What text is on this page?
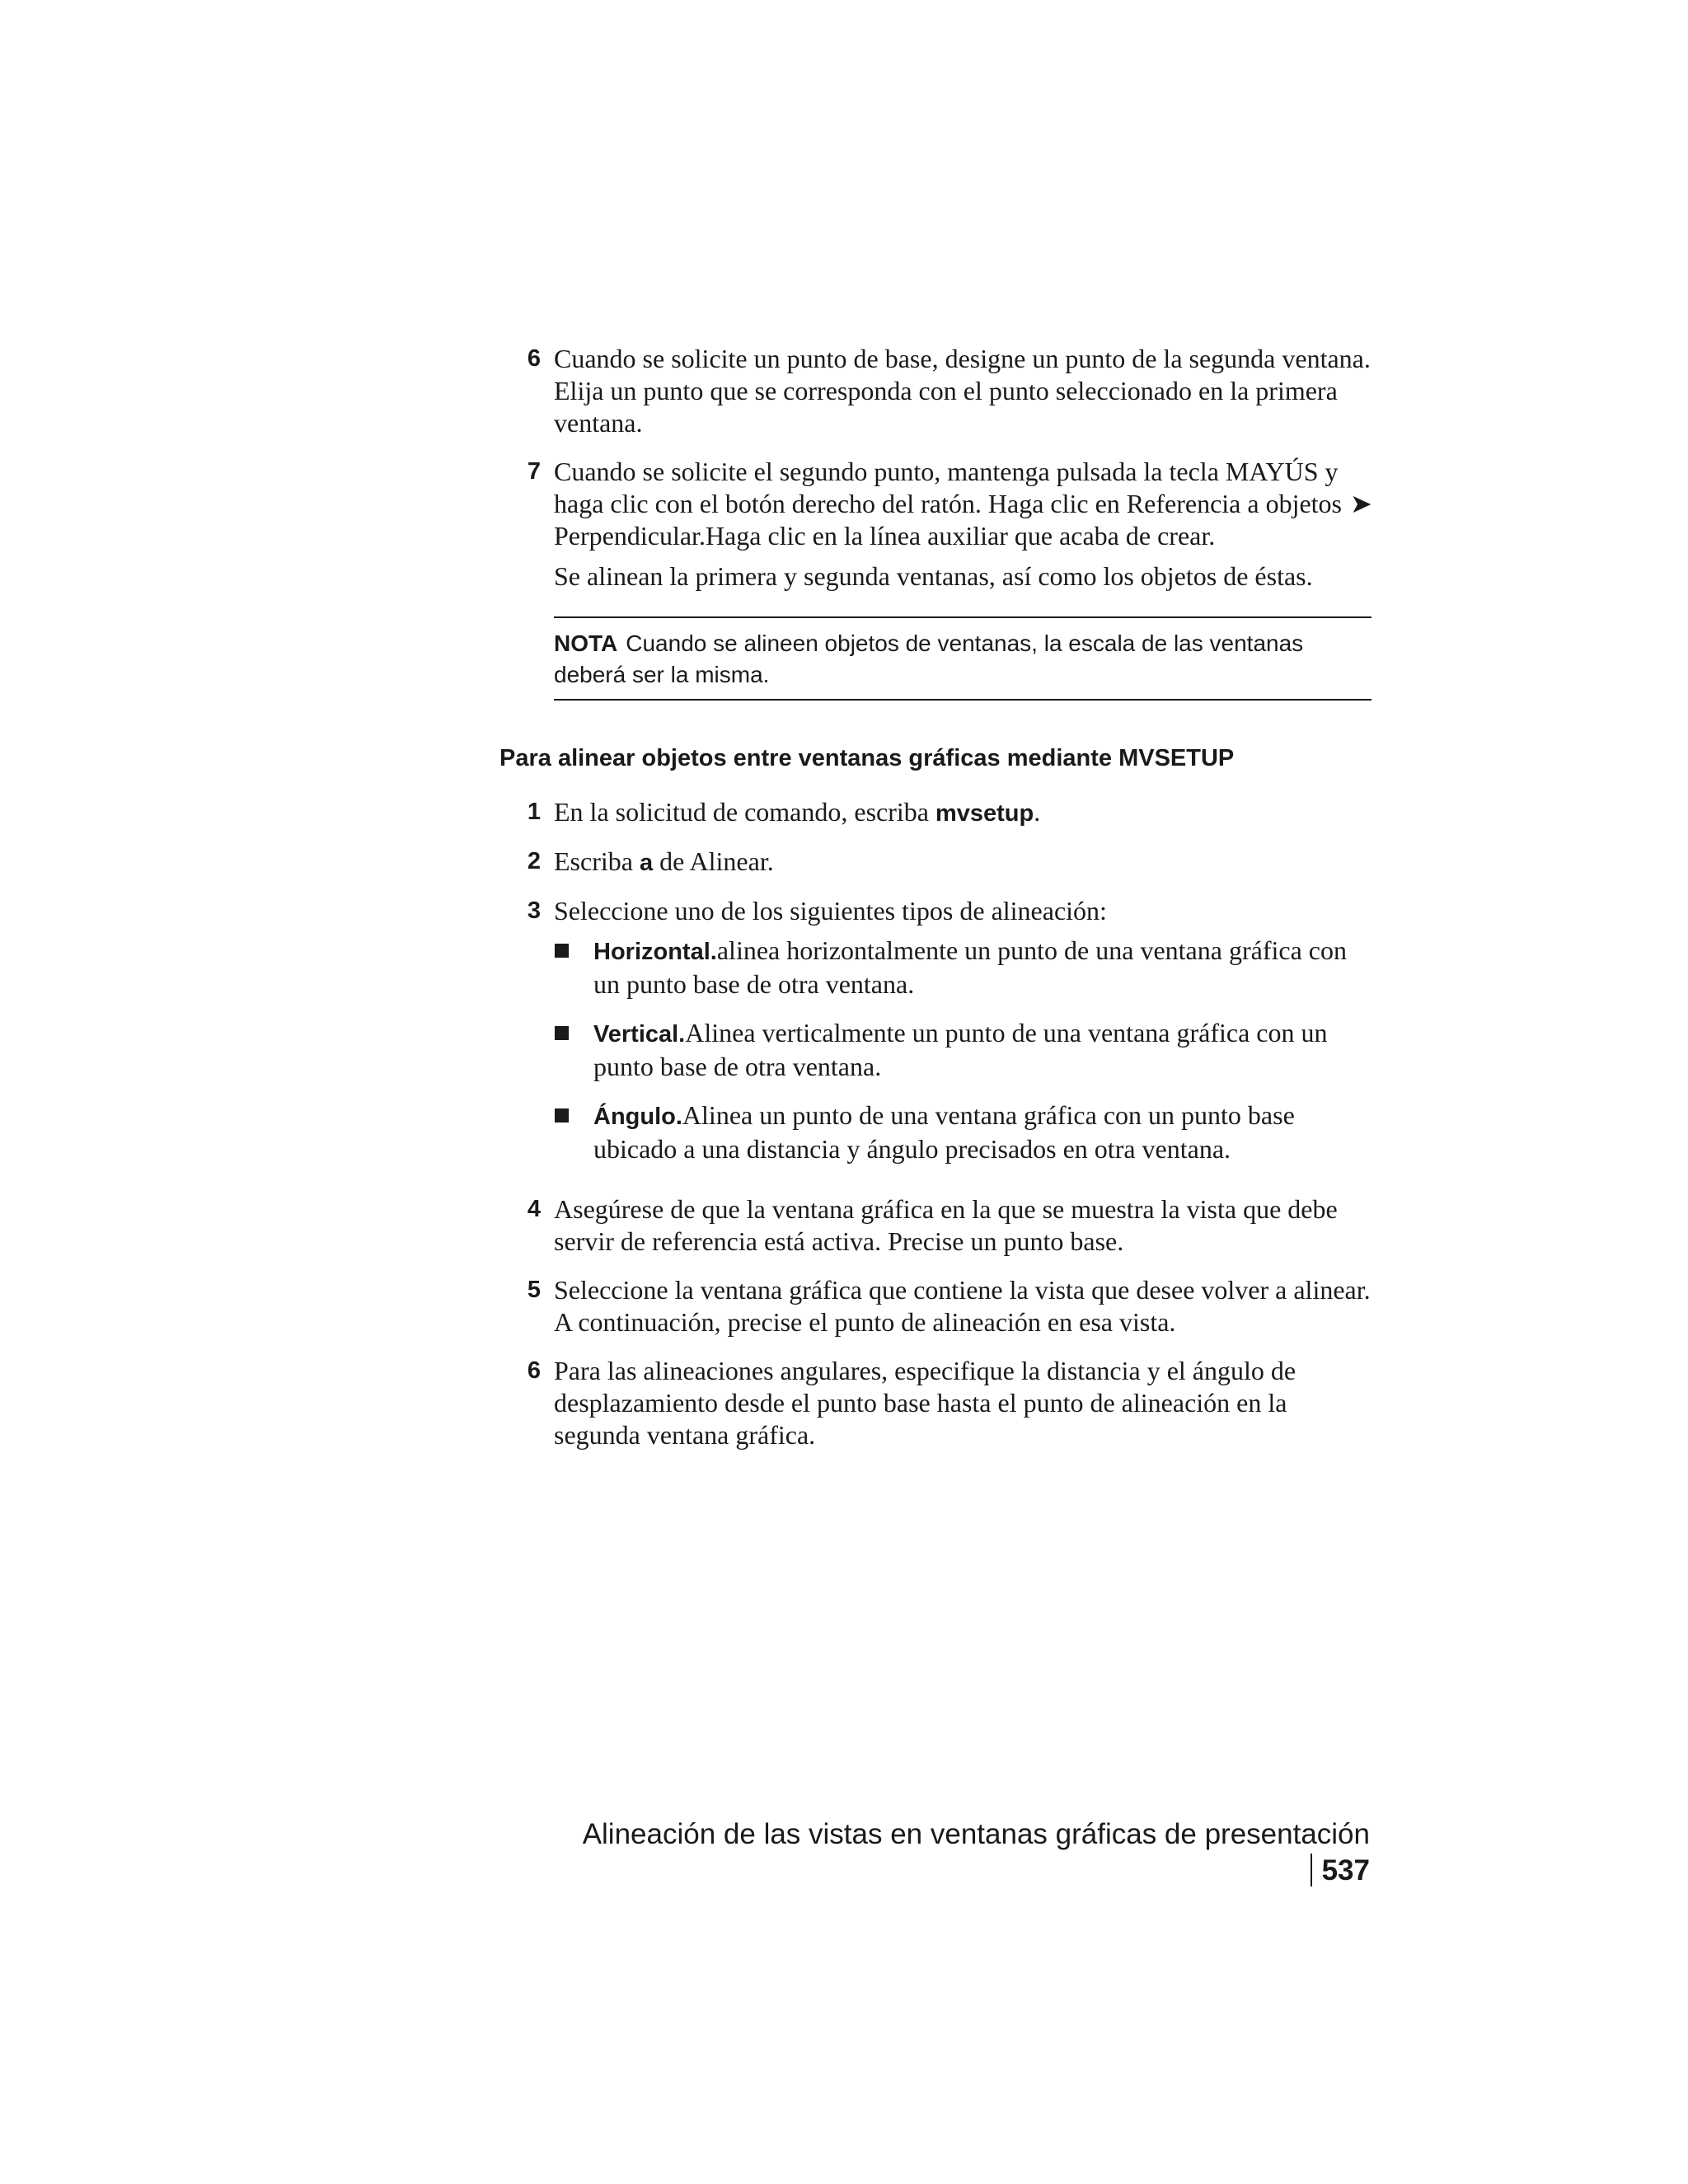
6 Cuando se solicite un punto de base, designe un punto de la segunda ventana. Elija un punto que se corresponda con el punto seleccionado en la primera ventana.
7 Cuando se solicite el segundo punto, mantenga pulsada la tecla MAYÚS y haga clic con el botón derecho del ratón. Haga clic en Referencia a objetos ➤Perpendicular.Haga clic en la línea auxiliar que acaba de crear.
Se alinean la primera y segunda ventanas, así como los objetos de éstas.
NOTA Cuando se alineen objetos de ventanas, la escala de las ventanas deberá ser la misma.
Para alinear objetos entre ventanas gráficas mediante MVSETUP
1 En la solicitud de comando, escriba mvsetup.
2 Escriba a de Alinear.
3 Seleccione uno de los siguientes tipos de alineación:
Horizontal.alinea horizontalmente un punto de una ventana gráfica con un punto base de otra ventana.
Vertical.Alinea verticalmente un punto de una ventana gráfica con un punto base de otra ventana.
Ángulo.Alinea un punto de una ventana gráfica con un punto base ubicado a una distancia y ángulo precisados en otra ventana.
4 Asegúrese de que la ventana gráfica en la que se muestra la vista que debe servir de referencia está activa. Precise un punto base.
5 Seleccione la ventana gráfica que contiene la vista que desee volver a alinear. A continuación, precise el punto de alineación en esa vista.
6 Para las alineaciones angulares, especifique la distancia y el ángulo de desplazamiento desde el punto base hasta el punto de alineación en la segunda ventana gráfica.
Alineación de las vistas en ventanas gráficas de presentación537
